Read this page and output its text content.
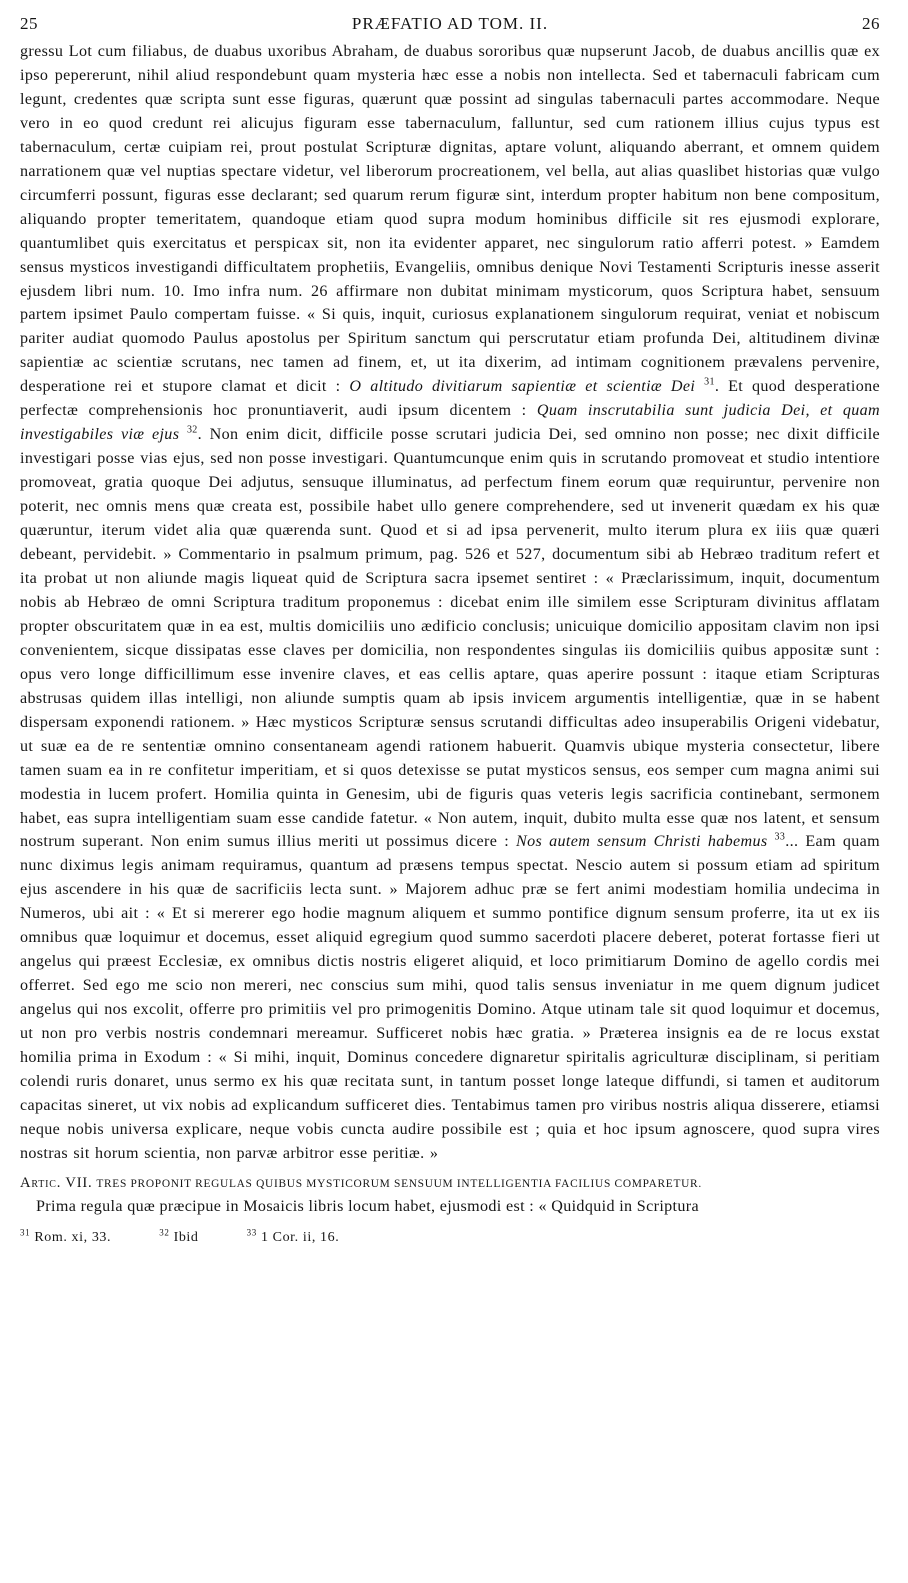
25	PRÆFATIO AD TOM. II.	26
gressu Lot cum filiabus, de duabus uxoribus Abraham, de duabus sororibus quæ nupserunt Jacob, de duabus ancillis quæ ex ipso pepererunt, nihil aliud respondebunt quam mysteria hæc esse a nobis non intellecta. Sed et tabernaculi fabricam cum legunt, credentes quæ scripta sunt esse figuras, quærunt quæ possint ad singulas tabernaculi partes accommodare. Neque vero in eo quod credunt rei alicujus figuram esse tabernaculum, falluntur, sed cum rationem illius cujus typus est tabernaculum, certæ cuipiam rei, prout postulat Scripturæ dignitas, aptare volunt, aliquando aberrant, et omnem quidem narrationem quæ vel nuptias spectare videtur, vel liberorum procreationem, vel bella, aut alias quaslibet historias quæ vulgo circumferri possunt, figuras esse declarant; sed quarum rerum figuræ sint, interdum propter habitum non bene compositum, aliquando propter temeritatem, quandoque etiam quod supra modum hominibus difficile sit res ejusmodi explorare, quantumlibet quis exercitatus et perspicax sit, non ita evidenter apparet, nec singulorum ratio afferri potest. » Eamdem sensus mysticos investigandi difficultatem prophetiis, Evangeliis, omnibus denique Novi Testamenti Scripturis inesse asserit ejusdem libri num. 10. Imo infra num. 26 affirmare non dubitat minimam mysticorum, quos Scriptura habet, sensuum partem ipsimet Paulo compertam fuisse. « Si quis, inquit, curiosus explanationem singulorum requirat, veniat et nobiscum pariter audiat quomodo Paulus apostolus per Spiritum sanctum qui perscrutatur etiam profunda Dei, altitudinem divinæ sapientiæ ac scientiæ scrutans, nec tamen ad finem, et, ut ita dixerim, ad intimam cognitionem prævalens pervenire, desperatione rei et stupore clamat et dicit : O altitudo divitiarum sapientiæ et scientiæ Dei $^{31}$. Et quod desperatione perfectæ comprehensionis hoc pronuntiaverit, audi ipsum dicentem : Quam inscrutabilia sunt judicia Dei, et quam investigabiles viæ ejus $^{32}$. Non enim dicit, difficile posse scrutari judicia Dei, sed omnino non posse; nec dixit difficile investigari posse vias ejus, sed non posse investigari. Quantumcunque enim quis in scrutando promoveat et studio intentiore promoveat, gratia quoque Dei adjutus, sensuque illuminatus, ad perfectum finem eorum quæ requiruntur, pervenire non poterit, nec omnis mens quæ creata est, possibile habet ullo genere comprehendere, sed ut invenerit quædam ex his quæ quæruntur, iterum videt alia quæ quærenda sunt. Quod et si ad ipsa pervenerit, multo iterum plura ex iiis quæ quæri debeant, pervidebit. » Commentario in psalmum primum, pag. 526 et 527, documentum sibi ab Hebræo traditum refert et ita probat ut non aliunde magis liqueat quid de Scriptura sacra ipsemet sentiret : « Præclarissimum, inquit, documentum nobis ab Hebræo de omni Scriptura traditum proponemus : dicebat enim ille similem esse Scripturam divinitus afflatam propter obscuritatem quæ in ea est, multis domiciliis uno ædificio conclusis; unicuique domicilio appositam clavim non ipsi convenientem, sicque dissipatas esse claves per domicilia, non respondentes singulas iis domiciliis quibus appositæ sunt : opus vero longe difficillimum esse invenire claves, et eas cellis aptare, quas aperire possunt : itaque etiam Scripturas abstrusas quidem illas intelligi, non aliunde sumptis quam ab ipsis invicem argumentis intelligentiæ, quæ in se habent dispersam exponendi rationem. » Hæc mysticos Scripturæ sensus scrutandi difficultas adeo insuperabilis Origeni videbatur, ut suæ ea de re sententiæ omnino consentaneam agendi rationem habuerit. Quamvis ubique mysteria consectetur, libere tamen suam ea in re confitetur imperitiam, et si quos detexisse se putat mysticos sensus, eos semper cum magna animi sui modestia in lucem profert. Homilia quinta in Genesim, ubi de figuris quas veteris legis sacrificia continebant, sermonem habet, eas supra intelligentiam suam esse candide fatetur. « Non autem, inquit, dubito multa esse quæ nos latent, et sensum nostrum superant. Non enim sumus illius meriti ut possimus dicere : Nos autem sensum Christi habemus $^{33}$... Eam quam nunc diximus legis animam requiramus, quantum ad præsens tempus spectat. Nescio autem si possum etiam ad spiritum ejus ascendere in his quæ de sacrificiis lecta sunt. » Majorem adhuc præ se fert animi modestiam homilia undecima in Numeros, ubi ait : « Et si mererer ego hodie magnum aliquem et summo pontifice dignum sensum proferre, ita ut ex iis omnibus quæ loquimur et docemus, esset aliquid egregium quod summo sacerdoti placere deberet, poterat fortasse fieri ut angelus qui præest Ecclesiæ, ex omnibus dictis nostris eligeret aliquid, et loco primitiarum Domino de agello cordis mei offerret. Sed ego me scio non mereri, nec conscius sum mihi, quod talis sensus inveniatur in me quem dignum judicet angelus qui nos excolit, offerre pro primitiis vel pro primogenitis Domino. Atque utinam tale sit quod loquimur et docemus, ut non pro verbis nostris condemnari mereamur. Sufficeret nobis hæc gratia. » Præterea insignis ea de re locus exstat homilia prima in Exodum : « Si mihi, inquit, Dominus concedere dignaretur spiritalis agriculturæ disciplinam, si peritiam colendi ruris donaret, unus sermo ex his quæ recitata sunt, in tantum posset longe lateque diffundi, si tamen et auditorum capacitas sineret, ut vix nobis ad explicandum sufficeret dies. Tentabimus tamen pro viribus nostris aliqua disserere, etiamsi neque nobis universa explicare, neque vobis cuncta audire possibile est ; quia et hoc ipsum agnoscere, quod supra vires nostras sit horum scientia, non parvæ arbitror esse peritiæ. »
Artic. VII. TRES PROPONIT REGULAS QUIBUS MYSTICORUM SENSUUM INTELLIGENTIA FACILIUS COMPARETUR.
Prima regula quæ præcipue in Mosaicis libris locum habet, ejusmodi est : « Quidquid in Scriptura
$^{31}$ Rom. xi, 33.	$^{32}$ Ibid	$^{33}$ 1 Cor. ii, 16.
